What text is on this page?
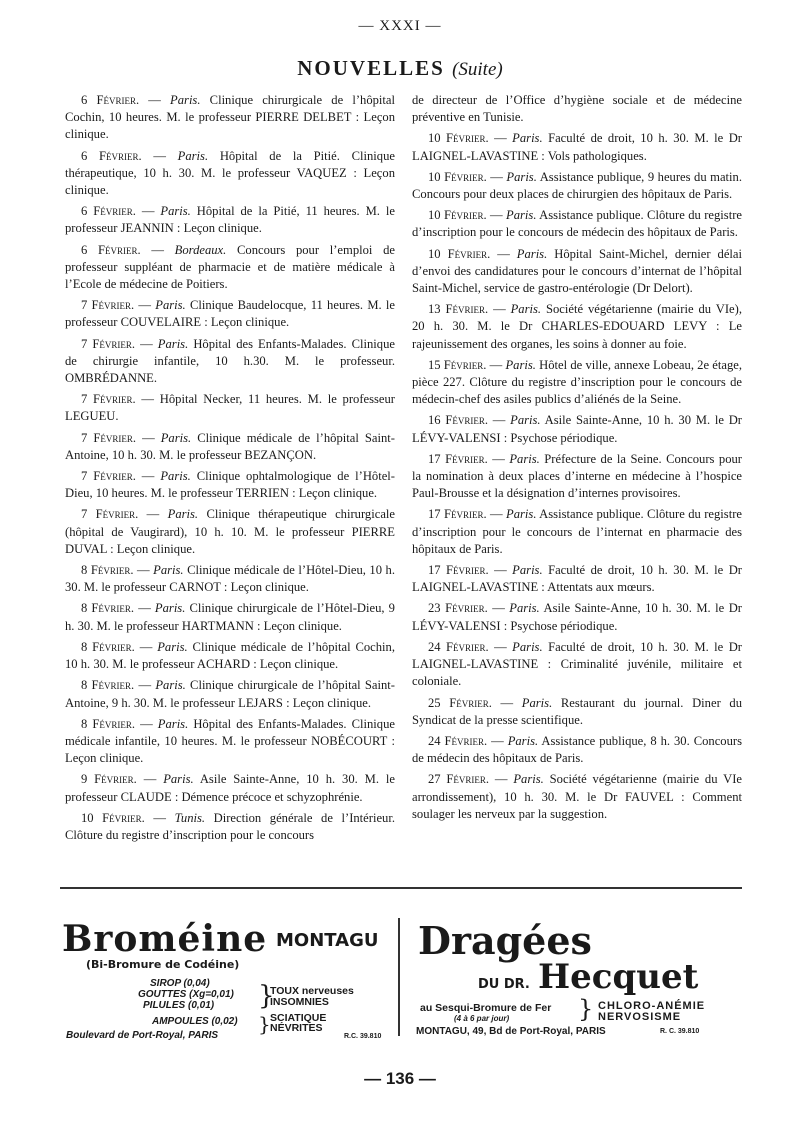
— XXXI —
NOUVELLES (Suite)

6 Février. — Paris. Clinique chirurgicale de l’hôpital Cochin, 10 heures. M. le professeur PIERRE DELBET : Leçon clinique.

6 Février. — Paris. Hôpital de la Pitié. Clinique thérapeutique, 10 h. 30. M. le professeur VAQUEZ : Leçon clinique.

6 Février. — Paris. Hôpital de la Pitié, 11 heures. M. le professeur JEANNIN : Leçon clinique.

6 Février. — Bordeaux. Concours pour l’emploi de professeur suppléant de pharmacie et de matière médicale à l’Ecole de médecine de Poitiers.

7 Février. — Paris. Clinique Baudelocque, 11 heures. M. le professeur COUVELAIRE : Leçon clinique.

7 Février. — Paris. Hôpital des Enfants-Malades. Clinique de chirurgie infantile, 10 h.30. M. le professeur. OMBRÉDANNE.

7 Février. — Hôpital Necker, 11 heures. M. le professeur LEGUEU.

7 Février. — Paris. Clinique médicale de l’hôpital Saint-Antoine, 10 h. 30. M. le professeur BEZANÇON.

7 Février. — Paris. Clinique ophtalmologique de l’Hôtel-Dieu, 10 heures. M. le professeur TERRIEN : Leçon clinique.

7 Février. — Paris. Clinique thérapeutique chirurgicale (hôpital de Vaugirard), 10 h. 10. M. le professeur PIERRE DUVAL : Leçon clinique.

8 Février. — Paris. Clinique médicale de l’Hôtel-Dieu, 10 h. 30. M. le professeur CARNOT : Leçon clinique.

8 Février. — Paris. Clinique chirurgicale de l’Hôtel-Dieu, 9 h. 30. M. le professeur HARTMANN : Leçon clinique.

8 Février. — Paris. Clinique médicale de l’hôpital Cochin, 10 h. 30. M. le professeur ACHARD : Leçon clinique.

8 Février. — Paris. Clinique chirurgicale de l’hôpital Saint-Antoine, 9 h. 30. M. le professeur LEJARS : Leçon clinique.

8 Février. — Paris. Hôpital des Enfants-Malades. Clinique médicale infantile, 10 heures. M. le professeur NOBÉCOURT : Leçon clinique.

9 Février. — Paris. Asile Sainte-Anne, 10 h. 30. M. le professeur CLAUDE : Démence précoce et schyzophrénie.

10 Février. — Tunis. Direction générale de l’Intérieur. Clôture du registre d’inscription pour le concours

de directeur de l’Office d’hygiène sociale et de médecine préventive en Tunisie.

10 Février. — Paris. Faculté de droit, 10 h. 30. M. le Dr LAIGNEL-LAVASTINE : Vols pathologiques.

10 Février. — Paris. Assistance publique, 9 heures du matin. Concours pour deux places de chirurgien des hôpitaux de Paris.

10 Février. — Paris. Assistance publique. Clôture du registre d’inscription pour le concours de médecin des hôpitaux de Paris.

10 Février. — Paris. Hôpital Saint-Michel, dernier délai d’envoi des candidatures pour le concours d’internat de l’hôpital Saint-Michel, service de gastro-entérologie (Dr Delort).

13 Février. — Paris. Société végétarienne (mairie du VIe), 20 h. 30. M. le Dr CHARLES-EDOUARD LEVY : Le rajeunissement des organes, les soins à donner au foie.

15 Février. — Paris. Hôtel de ville, annexe Lobeau, 2e étage, pièce 227. Clôture du registre d’inscription pour le concours de médecin-chef des asiles publics d’aliénés de la Seine.

16 Février. — Paris. Asile Sainte-Anne, 10 h. 30 M. le Dr LÉVY-VALENSI : Psychose périodique.

17 Février. — Paris. Préfecture de la Seine. Concours pour la nomination à deux places d’interne en médecine à l’hospice Paul-Brousse et la désignation d’internes provisoires.

17 Février. — Paris. Assistance publique. Clôture du registre d’inscription pour le concours de l’internat en pharmacie des hôpitaux de Paris.

17 Février. — Paris. Faculté de droit, 10 h. 30. M. le Dr LAIGNEL-LAVASTINE : Attentats aux mœurs.

23 Février. — Paris. Asile Sainte-Anne, 10 h. 30. M. le Dr LÉVY-VALENSI : Psychose périodique.

24 Février. — Paris. Faculté de droit, 10 h. 30. M. le Dr LAIGNEL-LAVASTINE : Criminalité juvénile, militaire et coloniale.

25 Février. — Paris. Restaurant du journal. Diner du Syndicat de la presse scientifique.

24 Février. — Paris. Assistance publique, 8 h. 30. Concours de médecin des hôpitaux de Paris.

27 Février. — Paris. Société végétarienne (mairie du VIe arrondissement), 10 h. 30. M. le Dr FAUVEL : Comment soulager les nerveux par la suggestion.

Broméine MONTAGU
(Bi-Bromure de Codéine)
SIROP (0,04)
GOUTTES (Xg=0,01)
PILULES (0,01)
AMPOULES (0,02)
}
}
TOUX nerveuses
INSOMNIES
SCIATIQUE
NÉVRITES
Boulevard de Port-Royal, PARIS	R.C. 39.810
Dragées
DU DR. Hecquet
au Sesqui-Bromure de Fer
(4 à 6 par jour)	} CHLORO-ANÉMIE
NERVOSISME
MONTAGU, 49, Bd de Port-Royal, PARIS	R. C. 39.810
— 136 —
